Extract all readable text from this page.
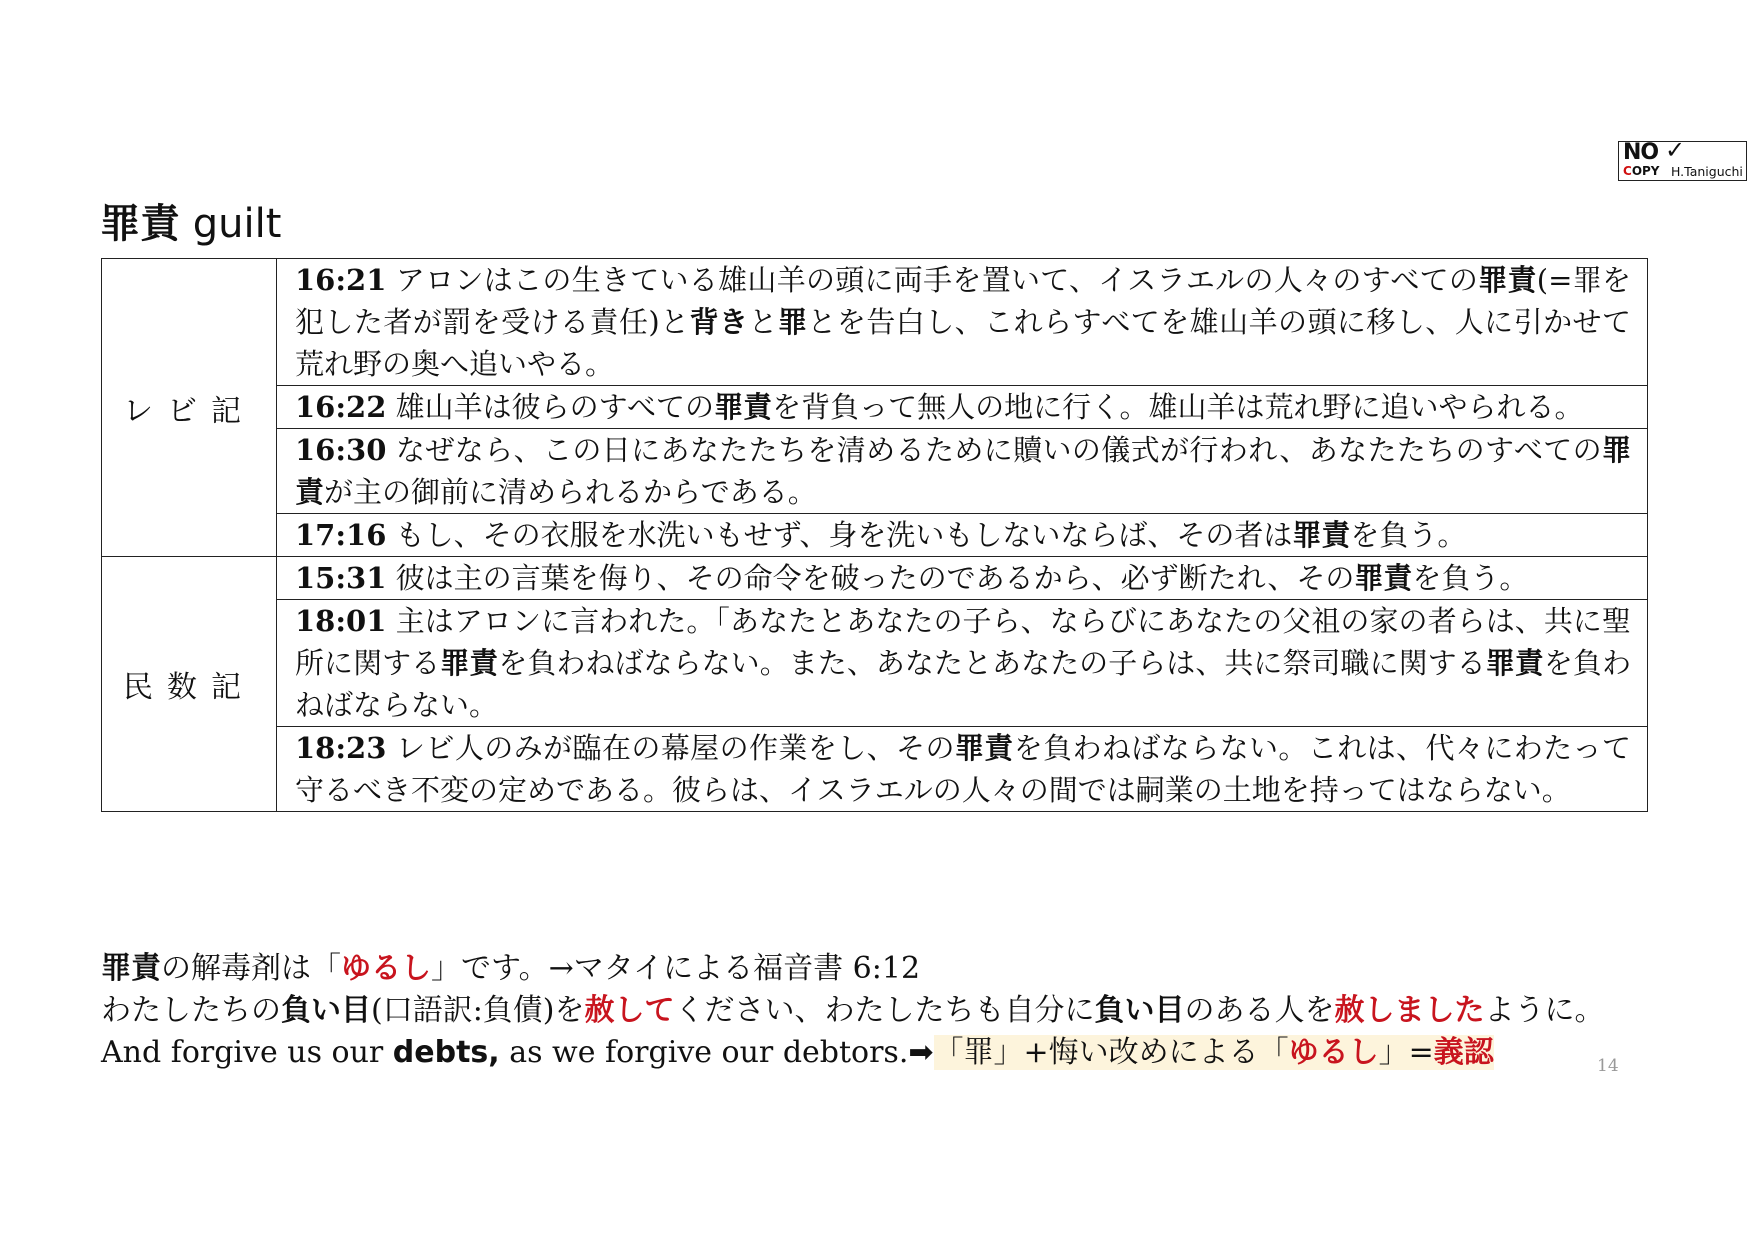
NO ✓
COPY H.Taniguchi
罪責 guilt
レビ記	16:21 アロンはこの生きている雄山羊の頭に両手を置いて、イスラエルの人々のすべての罪責(=罪を犯した者が罰を受ける責任)と背きと罪とを告白し、これらすべてを雄山羊の頭に移し、人に引かせて荒れ野の奥へ追いやる。
	16:22 雄山羊は彼らのすべての罪責を背負って無人の地に行く。雄山羊は荒れ野に追いやられる。
	16:30 なぜなら、この日にあなたたちを清めるために贖いの儀式が行われ、あなたたちのすべての罪責が主の御前に清められるからである。
	17:16 もし、その衣服を水洗いもせず、身を洗いもしないならば、その者は罪責を負う。
民数記	15:31 彼は主の言葉を侮り、その命令を破ったのであるから、必ず断たれ、その罪責を負う。
	18:01 主はアロンに言われた。「あなたとあなたの子ら、ならびにあなたの父祖の家の者らは、共に聖所に関する罪責を負わねばならない。また、あなたとあなたの子らは、共に祭司職に関する罪責を負わねばならない。
	18:23 レビ人のみが臨在の幕屋の作業をし、その罪責を負わねばならない。これは、代々にわたって守るべき不変の定めである。彼らは、イスラエルの人々の間では嗣業の土地を持ってはならない。
罪責の解毒剤は「ゆるし」です。→マタイによる福音書 6:12
わたしたちの負い目(口語訳:負債)を赦してください、わたしたちも自分に負い目のある人を赦しましたように。And forgive us our debts, as we forgive our debtors.➡「罪」+悔い改めによる「ゆるし」=義認	14
